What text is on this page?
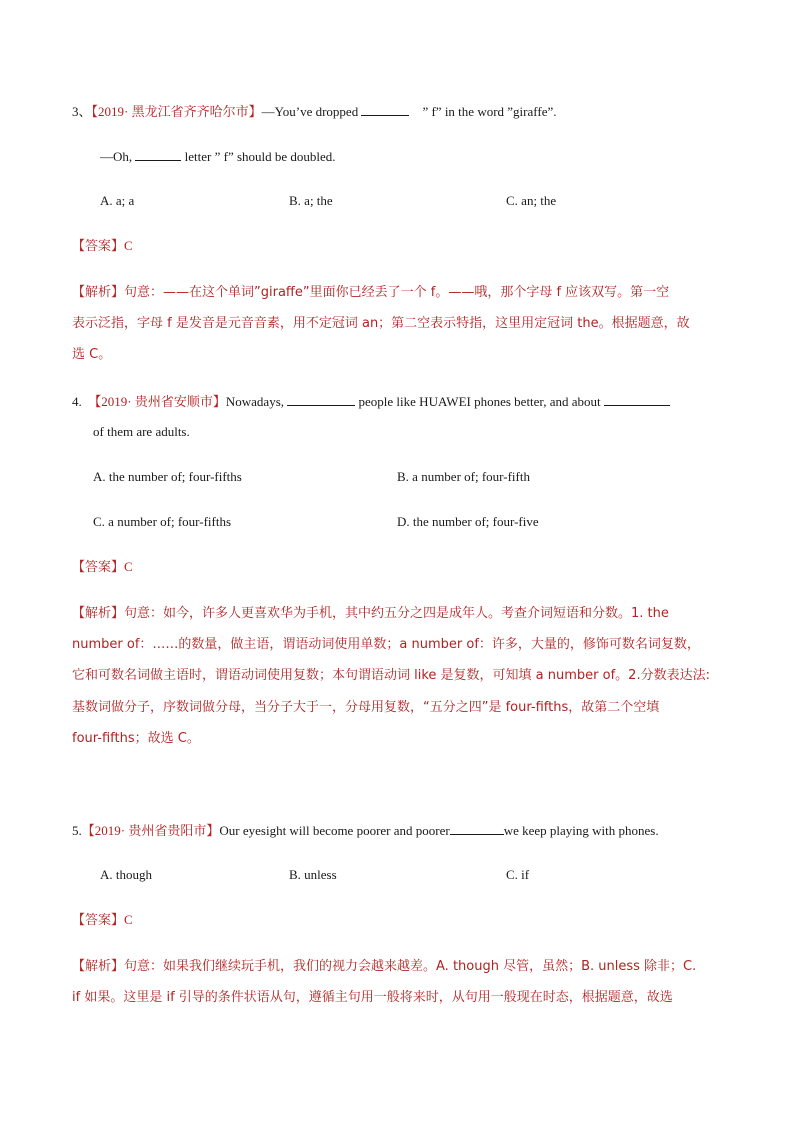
3、【2019· 黑龙江省齐齐哈尔市】—You’ve dropped	” f” in the word ”giraffe”.
—Oh,	letter ” f” should be doubled.
A. a; a	B. a; the	C. an; the
【答案】C
【解析】句意：——在这个单词”giraffe”里面你已经丢了一个 f。——哦，那个字母 f 应该双写。第一空
表示泛指，字母 f 是发音是元音音素，用不定冠词 an；第二空表示特指，这里用定冠词 the。根据题意，故
选 C。
4. 【2019· 贵州省安顺市】Nowadays,	people like HUAWEI phones better, and about
of them are adults.
A. the number of; four-fifths	B. a number of; four-fifth
C. a number of; four-fifths	D. the number of; four-five
【答案】C
【解析】句意：如今，许多人更喜欢华为手机，其中约五分之四是成年人。考查介词短语和分数。1. the
number of：……的数量，做主语，谓语动词使用单数；a number of：许多，大量的，修饰可数名词复数，
它和可数名词做主语时，谓语动词使用复数；本句谓语动词 like 是复数，可知填 a number of。2.分数表达法:
基数词做分子，序数词做分母，当分子大于一，分母用复数，“五分之四”是 four-fifths，故第二个空填
four-fifths；故选 C。
5.【2019· 贵州省贵阳市】Our eyesight will become poorer and poorer	we keep playing with phones.
A. though	B. unless	C. if
【答案】C
【解析】句意：如果我们继续玩手机，我们的视力会越来越差。A. though 尽管，虽然；B. unless 除非；C.
if 如果。这里是 if 引导的条件状语从句，遵循主句用一般将来时，从句用一般现在时态，根据题意，故选
